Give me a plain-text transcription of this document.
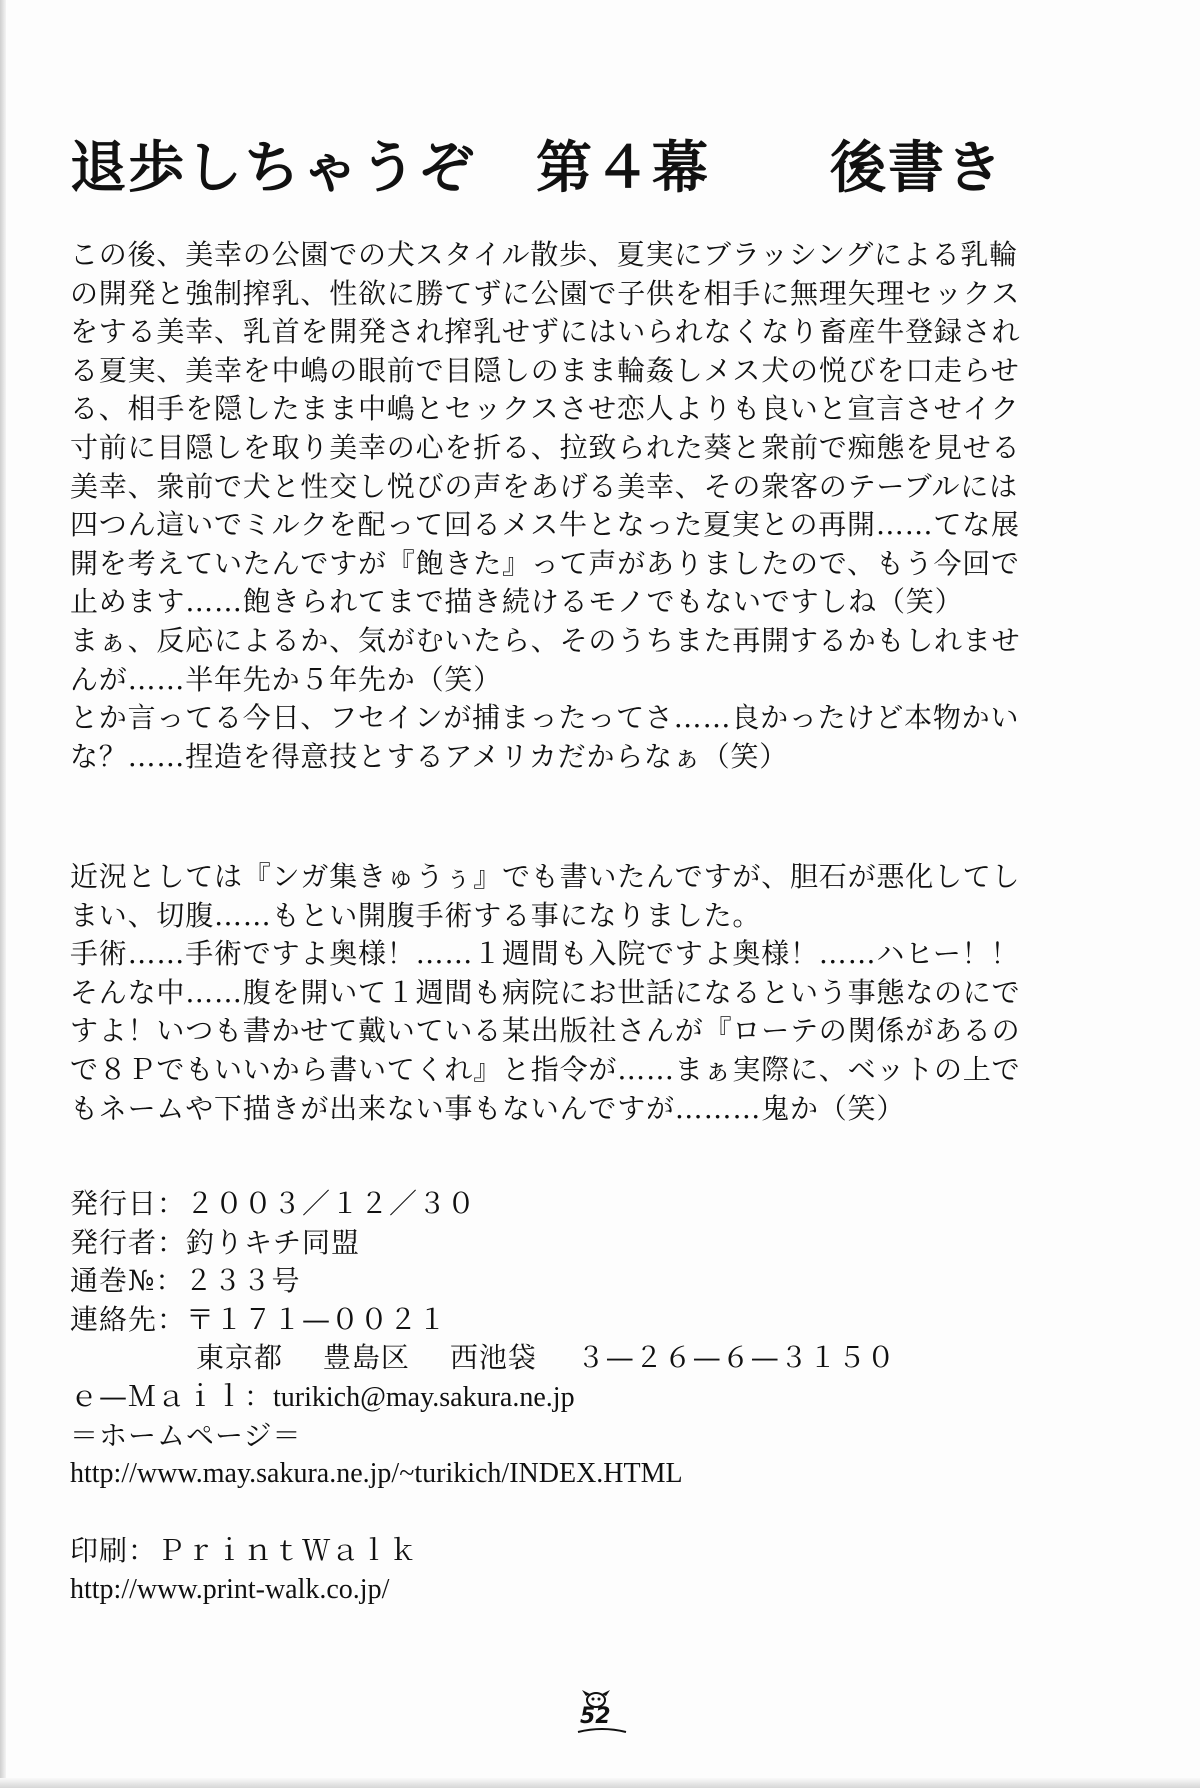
退歩しちゃうぞ 第４幕 後書き

この後、美幸の公園での犬スタイル散歩、夏実にブラッシングによる乳輪

の開発と強制搾乳、性欲に勝てずに公園で子供を相手に無理矢理セックス

をする美幸、乳首を開発され搾乳せずにはいられなくなり畜産牛登録され

る夏実、美幸を中嶋の眼前で目隠しのまま輪姦しメス犬の悦びを口走らせ

る、相手を隠したまま中嶋とセックスさせ恋人よりも良いと宣言させイク

寸前に目隠しを取り美幸の心を折る、拉致られた葵と衆前で痴態を見せる

美幸、衆前で犬と性交し悦びの声をあげる美幸、その衆客のテーブルには

四つん這いでミルクを配って回るメス牛となった夏実との再開……てな展

開を考えていたんですが『飽きた』って声がありましたので、もう今回で

止めます……飽きられてまで描き続けるモノでもないですしね（笑）

まぁ、反応によるか、気がむいたら、そのうちまた再開するかもしれませ

んが……半年先か５年先か（笑）

とか言ってる今日、フセインが捕まったってさ……良かったけど本物かい

な？……捏造を得意技とするアメリカだからなぁ（笑）

近況としては『ンガ集きゅうぅ』でも書いたんですが、胆石が悪化してし

まい、切腹……もとい開腹手術する事になりました。

手術……手術ですよ奥様！……１週間も入院ですよ奥様！……ハヒー！！

そんな中……腹を開いて１週間も病院にお世話になるという事態なのにで

すよ！いつも書かせて戴いている某出版社さんが『ローテの関係があるの

で８Ｐでもいいから書いてくれ』と指令が……まぁ実際に、ベットの上で

もネームや下描きが出来ない事もないんですが………鬼か（笑）

発行日：２００３／１２／３０
発行者：釣りキチ同盟
通巻№：２３３号
連絡先：〒１７１—００２１
東京都 豊島区 西池袋 ３—２６—６—３１５０
ｅ—Ｍａｉｌ：turikich@may.sakura.ne.jp
＝ホームページ＝
http://www.may.sakura.ne.jp/~turikich/INDEX.HTML
印刷：ＰｒｉｎｔＷａｌｋ
http://www.print-walk.co.jp/
52
